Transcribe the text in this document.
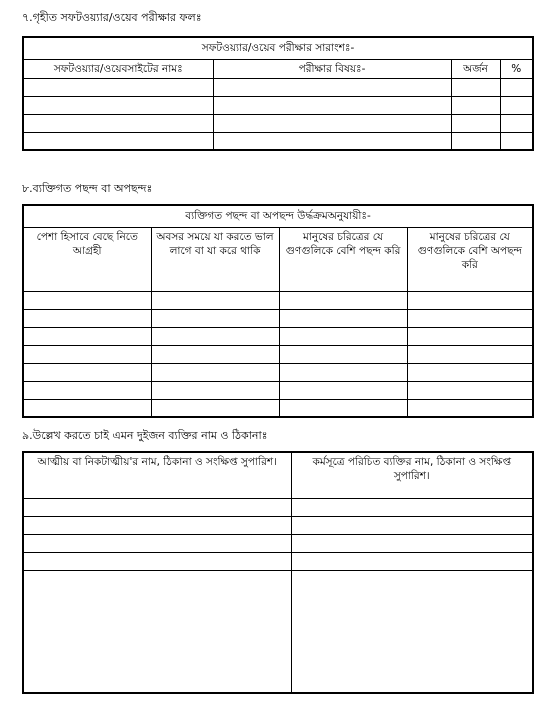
৭.গৃহীত সফটওয়্যার/ওয়েব পরীক্ষার ফলঃ
সফটওয়্যার/ওয়েব পরীক্ষার সারাংশঃ-			
সফটওয়্যার/ওয়েবসাইটের নামঃ	পরীক্ষার বিষয়ঃ-	অর্জন	%

৮.ব্যক্তিগত পছন্দ বা অপছন্দঃ
ব্যক্তিগত পছন্দ বা অপছন্দ উর্দ্ধক্রমঅনুযায়ীঃ-			
পেশা হিসাবে বেছে নিতে আগ্রহী	অবসর সময়ে যা করতে ভাল লাগে বা যা করে থাকি	মানুষের চরিত্রের যে গুণগুলিকে বেশি পছন্দ করি	মানুষের চরিত্রের যে গুণগুলিকে বেশি অপছন্দ করি

৯.উল্লেখ করতে চাই এমন দুইজন ব্যক্তির নাম ও ঠিকানাঃ
আত্মীয় বা নিকটাত্মীয়'র নাম, ঠিকানা ও সংক্ষিপ্ত সুপারিশ।	কর্মসূত্রে পরিচিত ব্যক্তির নাম, ঠিকানা ও সংক্ষিপ্ত সুপারিশ।
